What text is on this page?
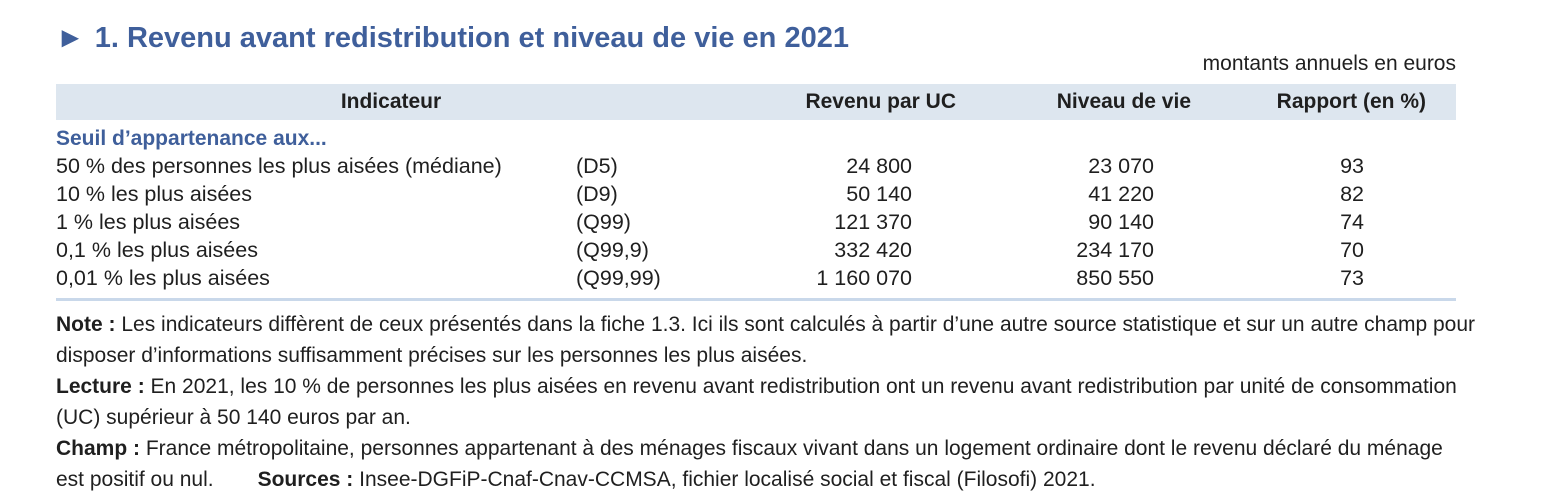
► 1. Revenu avant redistribution et niveau de vie en 2021
montants annuels en euros
Indicateur	Revenu par UC	Niveau de vie	Rapport (en %)
Seuil d’appartenance aux...
50 % des personnes les plus aisées (médiane)	(D5)	24 800	23 070	93
10 % les plus aisées	(D9)	50 140	41 220	82
1 % les plus aisées	(Q99)	121 370	90 140	74
0,1 % les plus aisées	(Q99,9)	332 420	234 170	70
0,01 % les plus aisées	(Q99,99)	1 160 070	850 550	73

Note : Les indicateurs diffèrent de ceux présentés dans la fiche 1.3. Ici ils sont calculés à partir d’une autre source statistique et sur un autre champ pour disposer d’informations suffisamment précises sur les personnes les plus aisées.

Lecture : En 2021, les 10 % de personnes les plus aisées en revenu avant redistribution ont un revenu avant redistribution par unité de consommation (UC) supérieur à 50 140 euros par an.

Champ : France métropolitaine, personnes appartenant à des ménages fiscaux vivant dans un logement ordinaire dont le revenu déclaré du ménage est positif ou nul. Sources : Insee-DGFiP-Cnaf-Cnav-CCMSA, fichier localisé social et fiscal (Filosofi) 2021.
